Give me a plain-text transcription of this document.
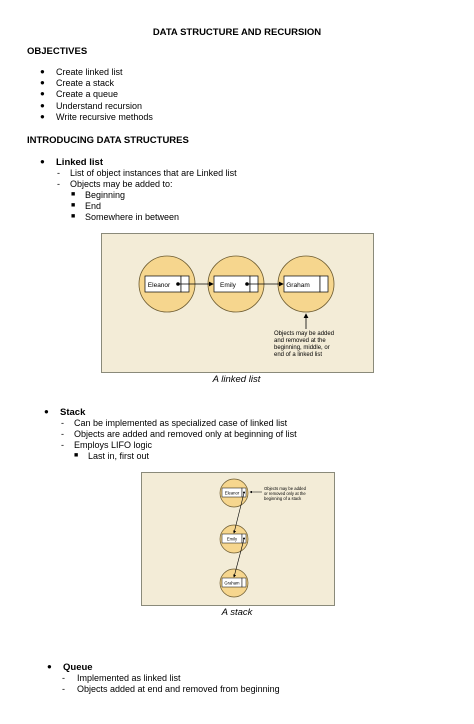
DATA STRUCTURE AND RECURSION
OBJECTIVES
● Create linked list
● Create a stack
● Create a queue
● Understand recursion
● Write recursive methods
INTRODUCING DATA STRUCTURES
● Linked list
- List of object instances that are Linked list
- Objects may be added to:
■ Beginning
■ End
■ Somewhere in between
Eleanor	Emily	Graham
Objects may be added and removed at the beginning, middle, or end of a linked list
A linked list
● Stack
- Can be implemented as specialized case of linked list
- Objects are added and removed only at beginning of list
- Employs LIFO logic
■ Last in, first out
Eleanor
Emily
Graham
Objects may be added or removed only at the beginning of a stack
A stack
● Queue
- Implemented as linked list
- Objects added at end and removed from beginning
